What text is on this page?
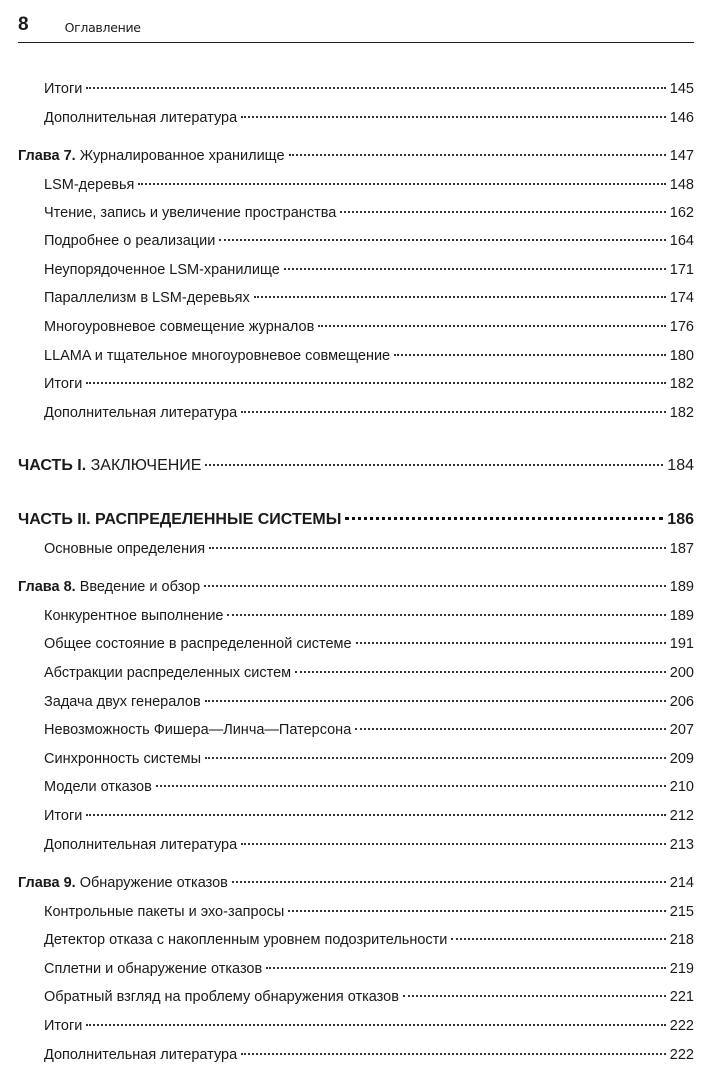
8	Оглавление
Итоги	145
Дополнительная литература	146
Глава 7. Журналированное хранилище	147
LSM-деревья	148
Чтение, запись и увеличение пространства	162
Подробнее о реализации	164
Неупорядоченное LSM-хранилище	171
Параллелизм в LSM-деревьях	174
Многоуровневое совмещение журналов	176
LLAMA и тщательное многоуровневое совмещение	180
Итоги	182
Дополнительная литература	182
ЧАСТЬ I. ЗАКЛЮЧЕНИЕ	184
ЧАСТЬ II. РАСПРЕДЕЛЕННЫЕ СИСТЕМЫ	186
Основные определения	187
Глава 8. Введение и обзор	189
Конкурентное выполнение	189
Общее состояние в распределенной системе	191
Абстракции распределенных систем	200
Задача двух генералов	206
Невозможность Фишера—Линча—Патерсона	207
Синхронность системы	209
Модели отказов	210
Итоги	212
Дополнительная литература	213
Глава 9. Обнаружение отказов	214
Контрольные пакеты и эхо-запросы	215
Детектор отказа с накопленным уровнем подозрительности	218
Сплетни и обнаружение отказов	219
Обратный взгляд на проблему обнаружения отказов	221
Итоги	222
Дополнительная литература	222
